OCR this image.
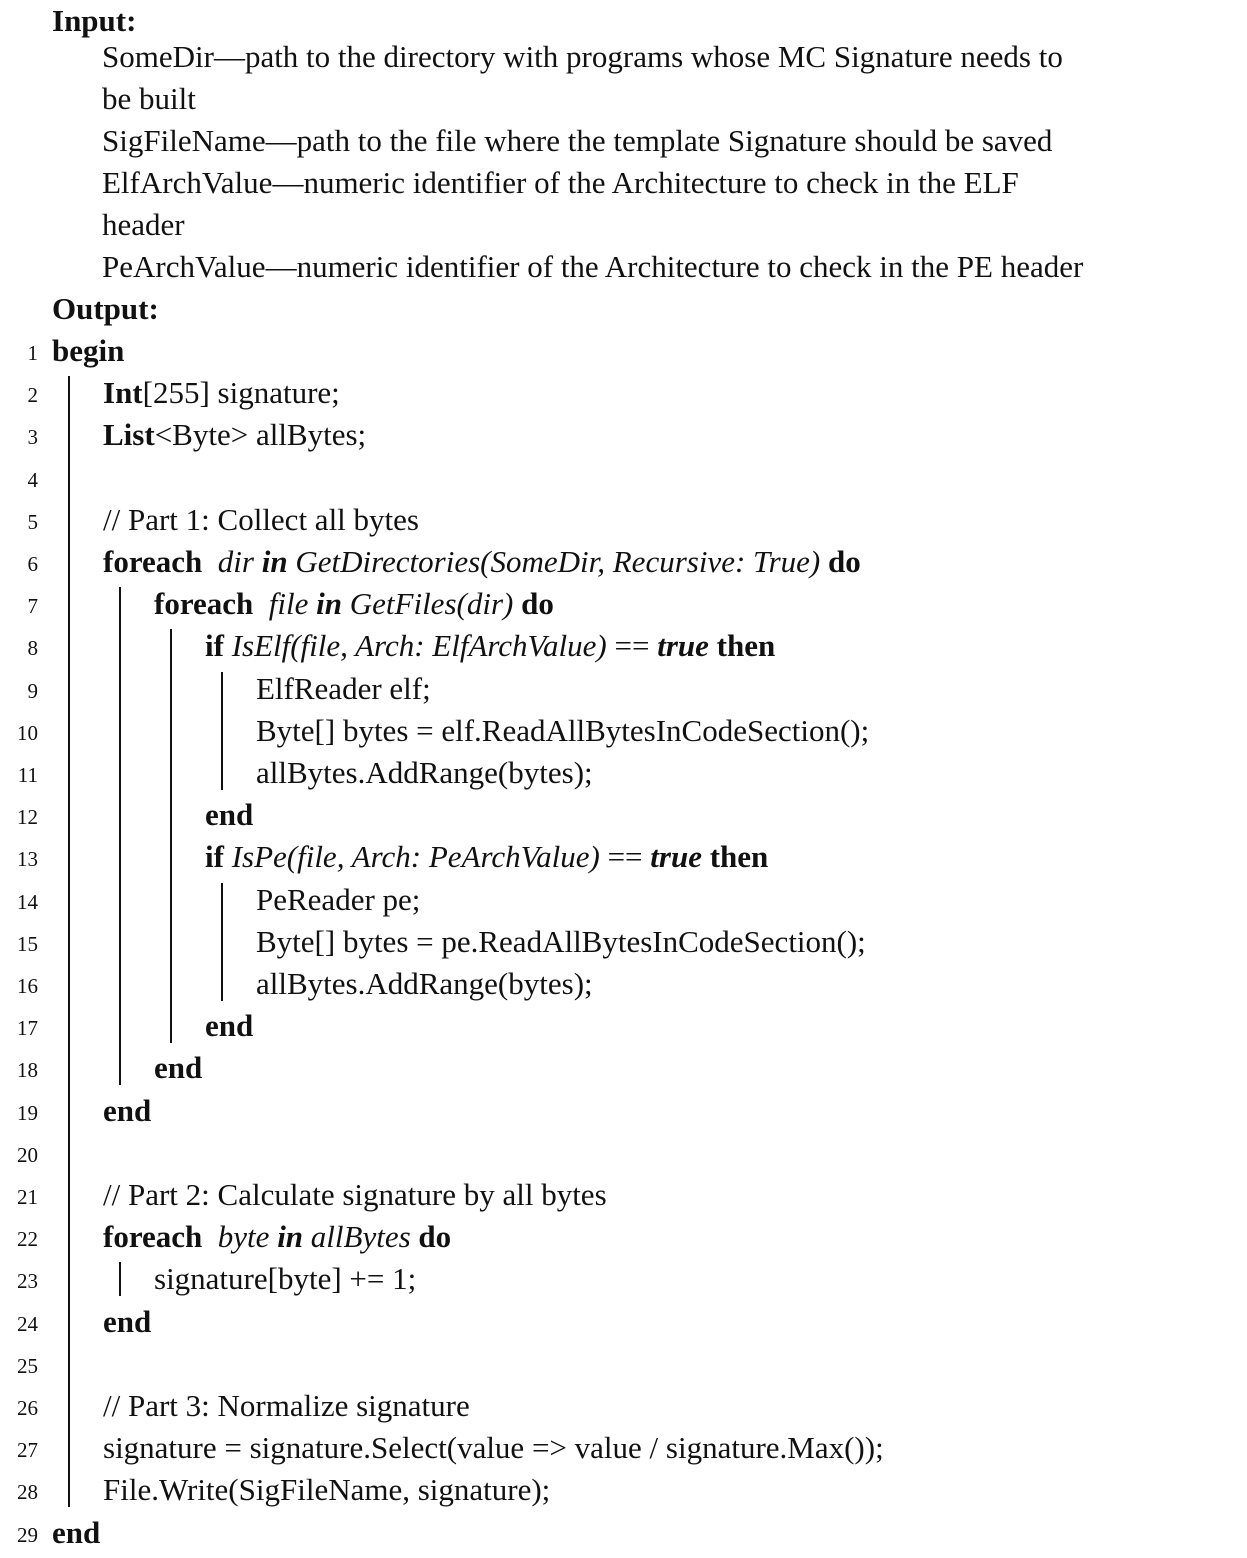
Input:
SomeDir—path to the directory with programs whose MC Signature needs to
be built
SigFileName—path to the file where the template Signature should be saved
ElfArchValue—numeric identifier of the Architecture to check in the ELF
header
PeArchValue—numeric identifier of the Architecture to check in the PE header
Output:
1 begin
2 Int[255] signature;
3 List<Byte> allBytes;
4
5 // Part 1: Collect all bytes
6 foreach  dir in GetDirectories(SomeDir, Recursive: True) do
7	foreach  file in GetFiles(dir) do
8	if IsElf(file, Arch: ElfArchValue) == true then
9	ElfReader elf;
10	Byte[] bytes = elf.ReadAllBytesInCodeSection();
11	allBytes.AddRange(bytes);
12	end
13	if IsPe(file, Arch: PeArchValue) == true then
14	PeReader pe;
15	Byte[] bytes = pe.ReadAllBytesInCodeSection();
16	allBytes.AddRange(bytes);
17	end
18	end
19 end
20
21 // Part 2: Calculate signature by all bytes
22 foreach  byte in allBytes do
23	signature[byte] += 1;
24 end
25
26 // Part 3: Normalize signature
27 signature = signature.Select(value => value / signature.Max());
28 File.Write(SigFileName, signature);
29 end
